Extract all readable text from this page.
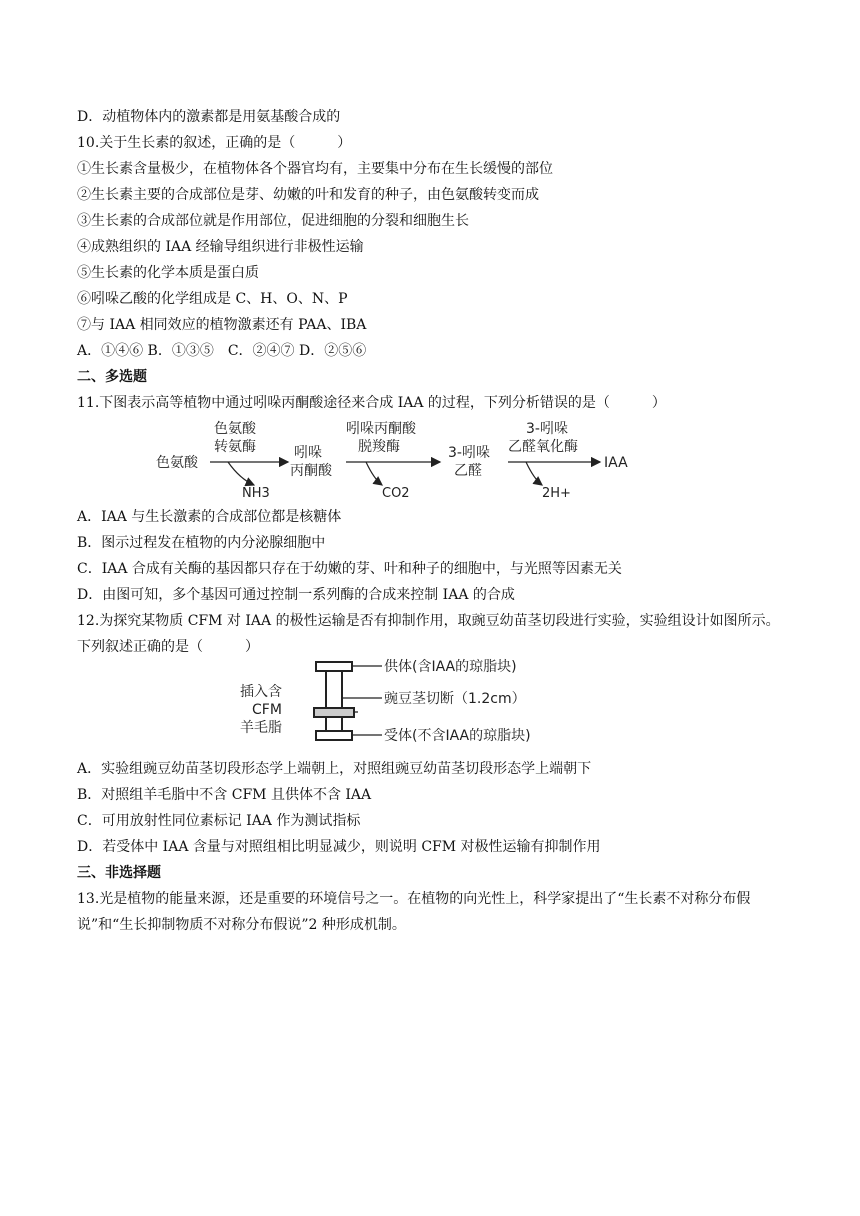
D．动植物体内的激素都是用氨基酸合成的
10.关于生长素的叙述，正确的是（　　　）
①生长素含量极少，在植物体各个器官均有，主要集中分布在生长缓慢的部位
②生长素主要的合成部位是芽、幼嫩的叶和发育的种子，由色氨酸转变而成
③生长素的合成部位就是作用部位，促进细胞的分裂和细胞生长
④成熟组织的 IAA 经输导组织进行非极性运输
⑤生长素的化学本质是蛋白质
⑥吲哚乙酸的化学组成是 C、H、O、N、P
⑦与 IAA 相同效应的植物激素还有 PAA、IBA
A．①④⑥ B．①③⑤　C．②④⑦ D．②⑤⑥
二、多选题
11.下图表示高等植物中通过吲哚丙酮酸途径来合成 IAA 的过程，下列分析错误的是（　　　）
色氨酸
色氨酸
转氨酶
NH3
吲哚
丙酮酸
吲哚丙酮酸
脱羧酶
CO2
3-吲哚
乙醛
3-吲哚
乙醛氧化酶
2H+
IAA
A．IAA 与生长激素的合成部位都是核糖体
B．图示过程发在植物的内分泌腺细胞中
C．IAA 合成有关酶的基因都只存在于幼嫩的芽、叶和种子的细胞中，与光照等因素无关
D．由图可知，多个基因可通过控制一系列酶的合成来控制 IAA 的合成
12.为探究某物质 CFM 对 IAA 的极性运输是否有抑制作用，取豌豆幼苗茎切段进行实验，实验组设计如图所示。下列叙述正确的是（　　　）
插入含
CFM
羊毛脂
供体(含IAA的琼脂块)
豌豆茎切断（1.2cm）
受体(不含IAA的琼脂块)
A．实验组豌豆幼苗茎切段形态学上端朝上，对照组豌豆幼苗茎切段形态学上端朝下
B．对照组羊毛脂中不含 CFM 且供体不含 IAA
C．可用放射性同位素标记 IAA 作为测试指标
D．若受体中 IAA 含量与对照组相比明显减少，则说明 CFM 对极性运输有抑制作用
三、非选择题
13.光是植物的能量来源，还是重要的环境信号之一。在植物的向光性上，科学家提出了“生长素不对称分布假说”和“生长抑制物质不对称分布假说”2 种形成机制。
